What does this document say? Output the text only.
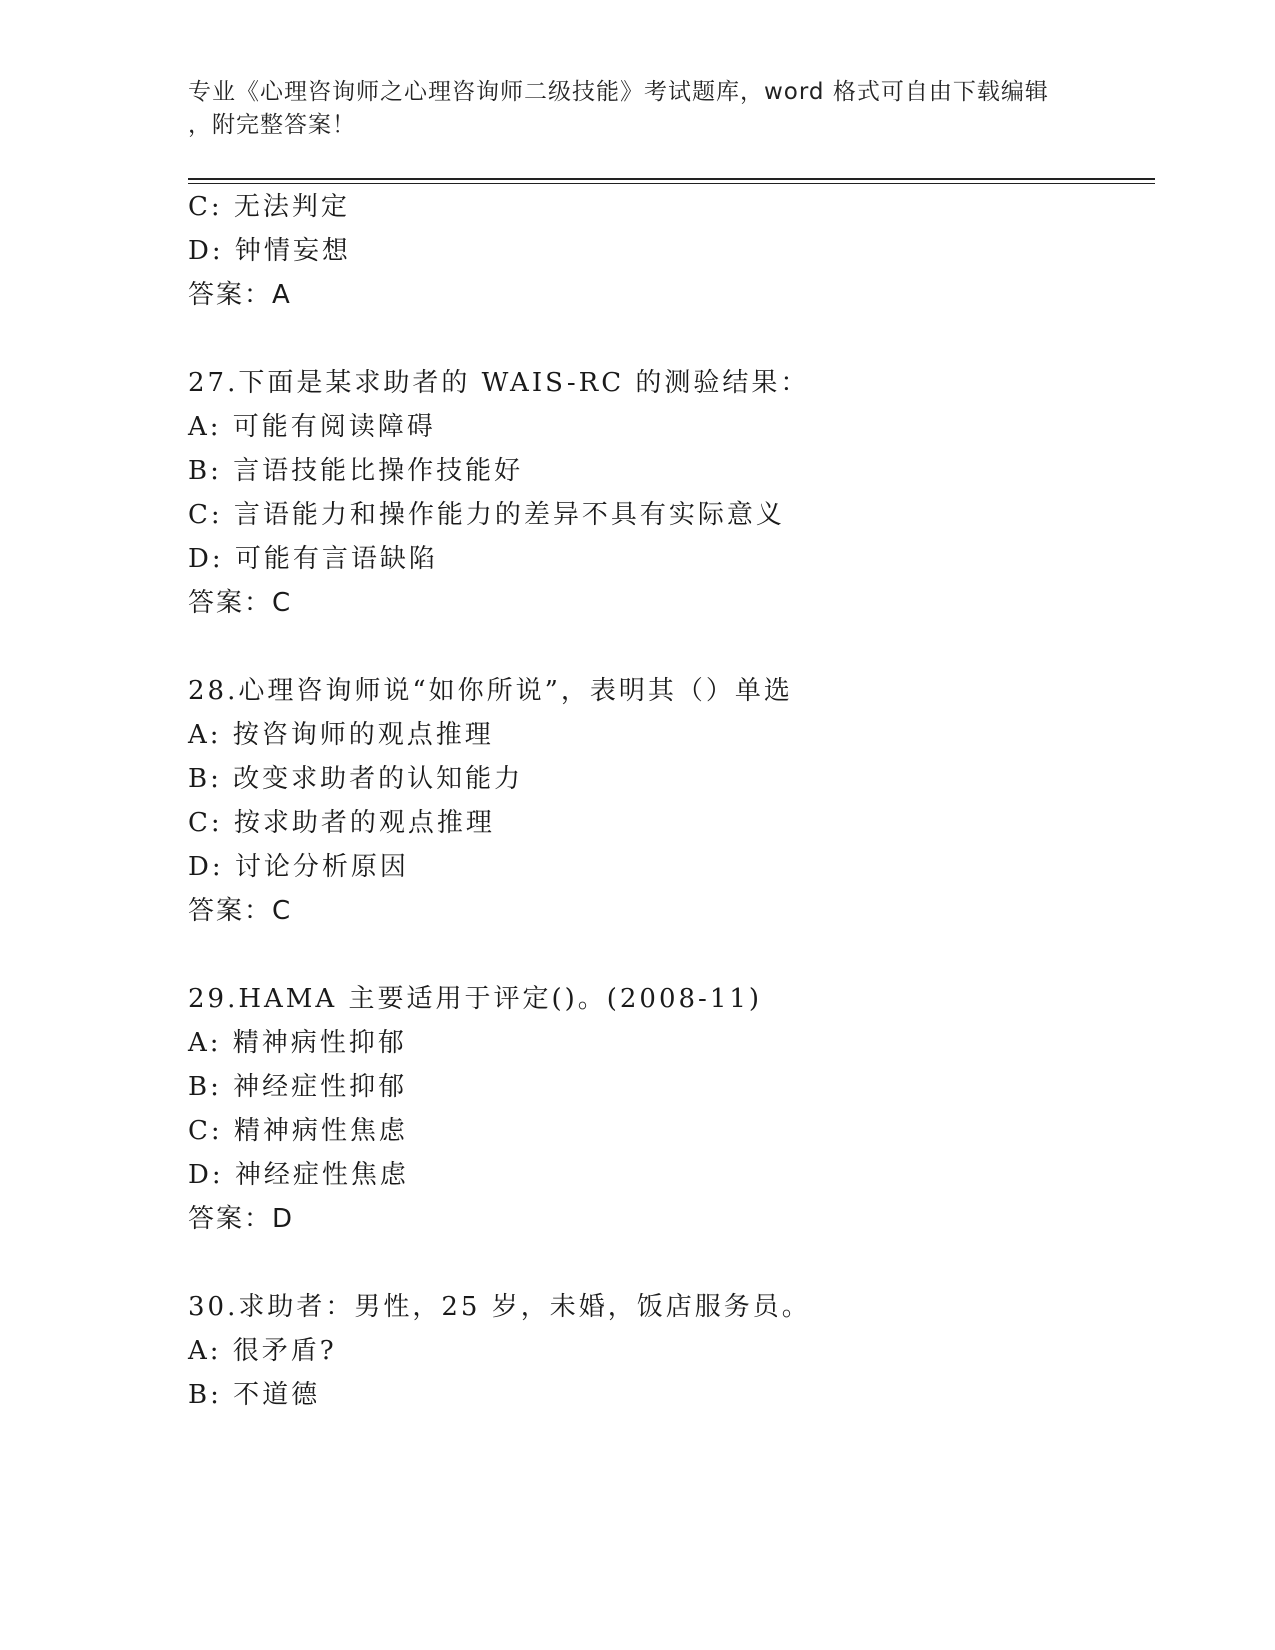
专业《心理咨询师之心理咨询师二级技能》考试题库，word 格式可自由下载编辑
，附完整答案！
C: 无法判定
D: 钟情妄想
答案：A
27.下面是某求助者的 WAIS-RC 的测验结果：
A: 可能有阅读障碍
B: 言语技能比操作技能好
C: 言语能力和操作能力的差异不具有实际意义
D: 可能有言语缺陷
答案：C
28.心理咨询师说“如你所说”，表明其（）单选
A: 按咨询师的观点推理
B: 改变求助者的认知能力
C: 按求助者的观点推理
D: 讨论分析原因
答案：C
29.HAMA 主要适用于评定()。(2008-11)
A: 精神病性抑郁
B: 神经症性抑郁
C: 精神病性焦虑
D: 神经症性焦虑
答案：D
30.求助者：男性，25 岁，未婚，饭店服务员。
A: 很矛盾?
B: 不道德
